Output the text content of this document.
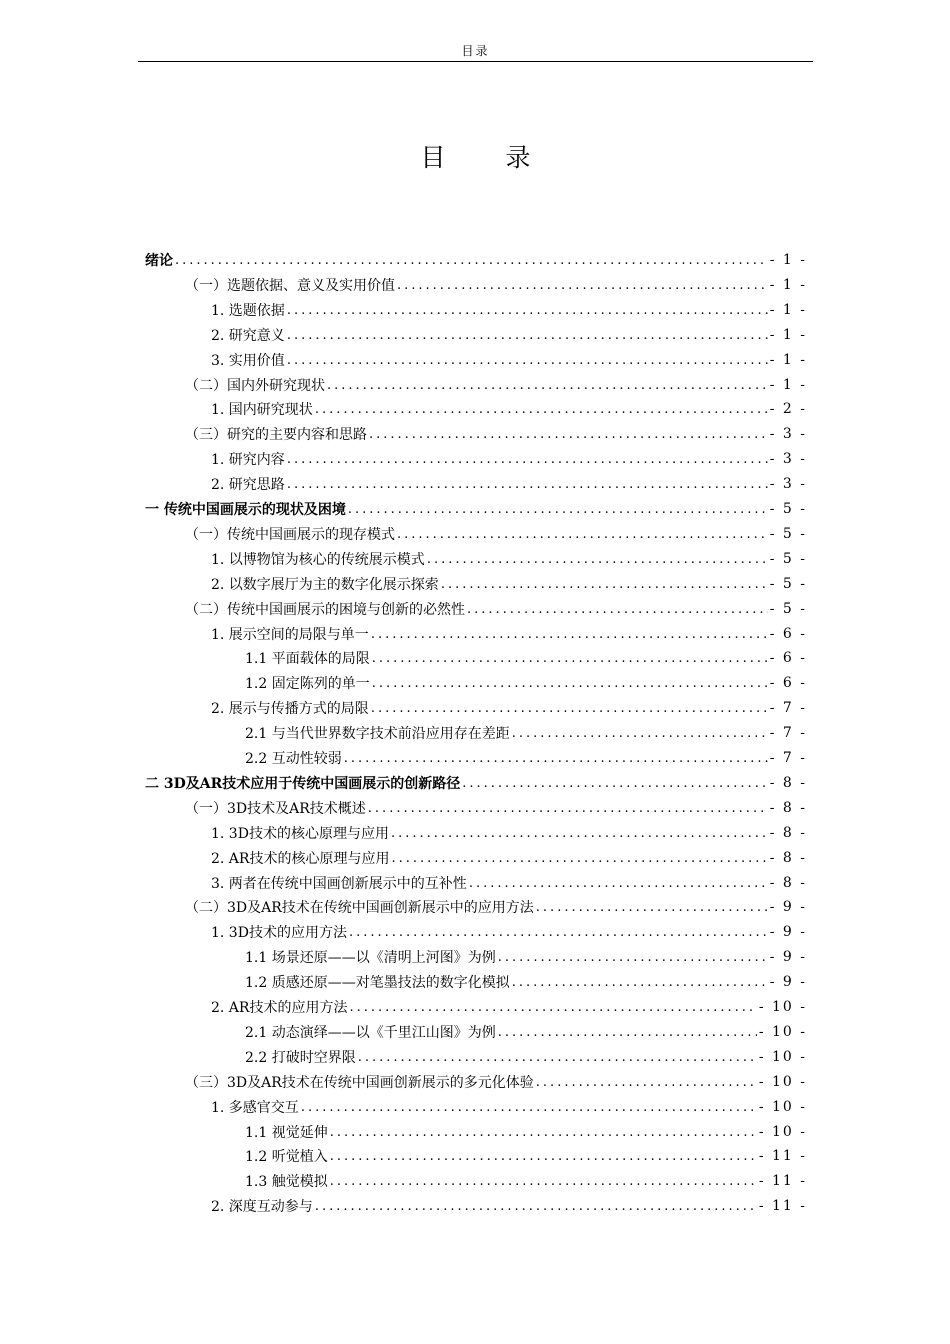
目录
目 录
绪论 .....	- 1 -
（一）选题依据、意义及实用价值 .....	- 1 -
1. 选题依据 .....	- 1 -
2. 研究意义 .....	- 1 -
3. 实用价值 .....	- 1 -
（二）国内外研究现状 .....	- 1 -
1. 国内研究现状 .....	- 2 -
（三）研究的主要内容和思路 .....	- 3 -
1. 研究内容 .....	- 3 -
2. 研究思路 .....	- 3 -
一 传统中国画展示的现状及困境 .....	- 5 -
（一）传统中国画展示的现存模式 .....	- 5 -
1. 以博物馆为核心的传统展示模式 .....	- 5 -
2. 以数字展厅为主的数字化展示探索 .....	- 5 -
（二）传统中国画展示的困境与创新的必然性 .....	- 5 -
1. 展示空间的局限与单一 .....	- 6 -
1.1 平面载体的局限 .....	- 6 -
1.2 固定陈列的单一 .....	- 6 -
2. 展示与传播方式的局限 .....	- 7 -
2.1 与当代世界数字技术前沿应用存在差距 .....	- 7 -
2.2 互动性较弱 .....	- 7 -
二 3D及AR技术应用于传统中国画展示的创新路径 .....	- 8 -
（一）3D技术及AR技术概述 .....	- 8 -
1. 3D技术的核心原理与应用 .....	- 8 -
2. AR技术的核心原理与应用 .....	- 8 -
3. 两者在传统中国画创新展示中的互补性 .....	- 8 -
（二）3D及AR技术在传统中国画创新展示中的应用方法 .....	- 9 -
1. 3D技术的应用方法 .....	- 9 -
1.1 场景还原——以《清明上河图》为例 .....	- 9 -
1.2 质感还原——对笔墨技法的数字化模拟 .....	- 9 -
2. AR技术的应用方法 .....	- 10 -
2.1 动态演绎——以《千里江山图》为例 .....	- 10 -
2.2 打破时空界限 .....	- 10 -
（三）3D及AR技术在传统中国画创新展示的多元化体验 .....	- 10 -
1. 多感官交互 .....	- 10 -
1.1 视觉延伸 .....	- 10 -
1.2 听觉植入 .....	- 11 -
1.3 触觉模拟 .....	- 11 -
2. 深度互动参与 .....	- 11 -
